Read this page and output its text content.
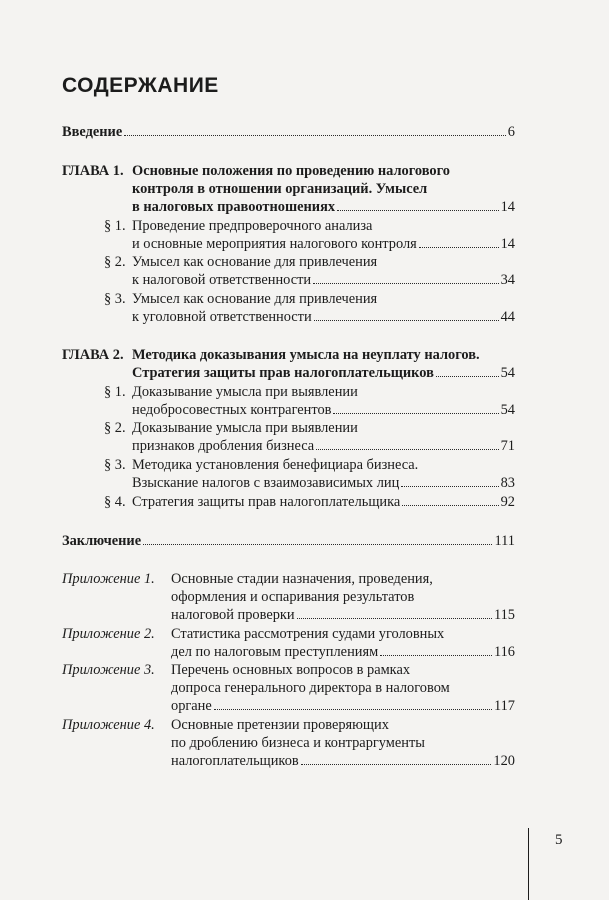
СОДЕРЖАНИЕ
Введение	6
ГЛАВА 1. Основные положения по проведению налогового
контроля в отношении организаций. Умысел
в налоговых правоотношениях	14
§ 1. Проведение предпроверочного анализа
и основные мероприятия налогового контроля	14
§ 2. Умысел как основание для привлечения
к налоговой ответственности	34
§ 3. Умысел как основание для привлечения
к уголовной ответственности	44
ГЛАВА 2. Методика доказывания умысла на неуплату налогов.
Стратегия защиты прав налогоплательщиков	54
§ 1. Доказывание умысла при выявлении
недобросовестных контрагентов	54
§ 2. Доказывание умысла при выявлении
признаков дробления бизнеса	71
§ 3. Методика установления бенефициара бизнеса.
Взыскание налогов с взаимозависимых лиц	83
§ 4. Стратегия защиты прав налогоплательщика	92
Заключение	111
Приложение 1.	Основные стадии назначения, проведения,
оформления и оспаривания результатов
налоговой проверки	115
Приложение 2.	Статистика рассмотрения судами уголовных
дел по налоговым преступлениям	116
Приложение 3.	Перечень основных вопросов в рамках
допроса генерального директора в налоговом
органе	117
Приложение 4.	Основные претензии проверяющих
по дроблению бизнеса и контраргументы
налогоплательщиков	120
5
